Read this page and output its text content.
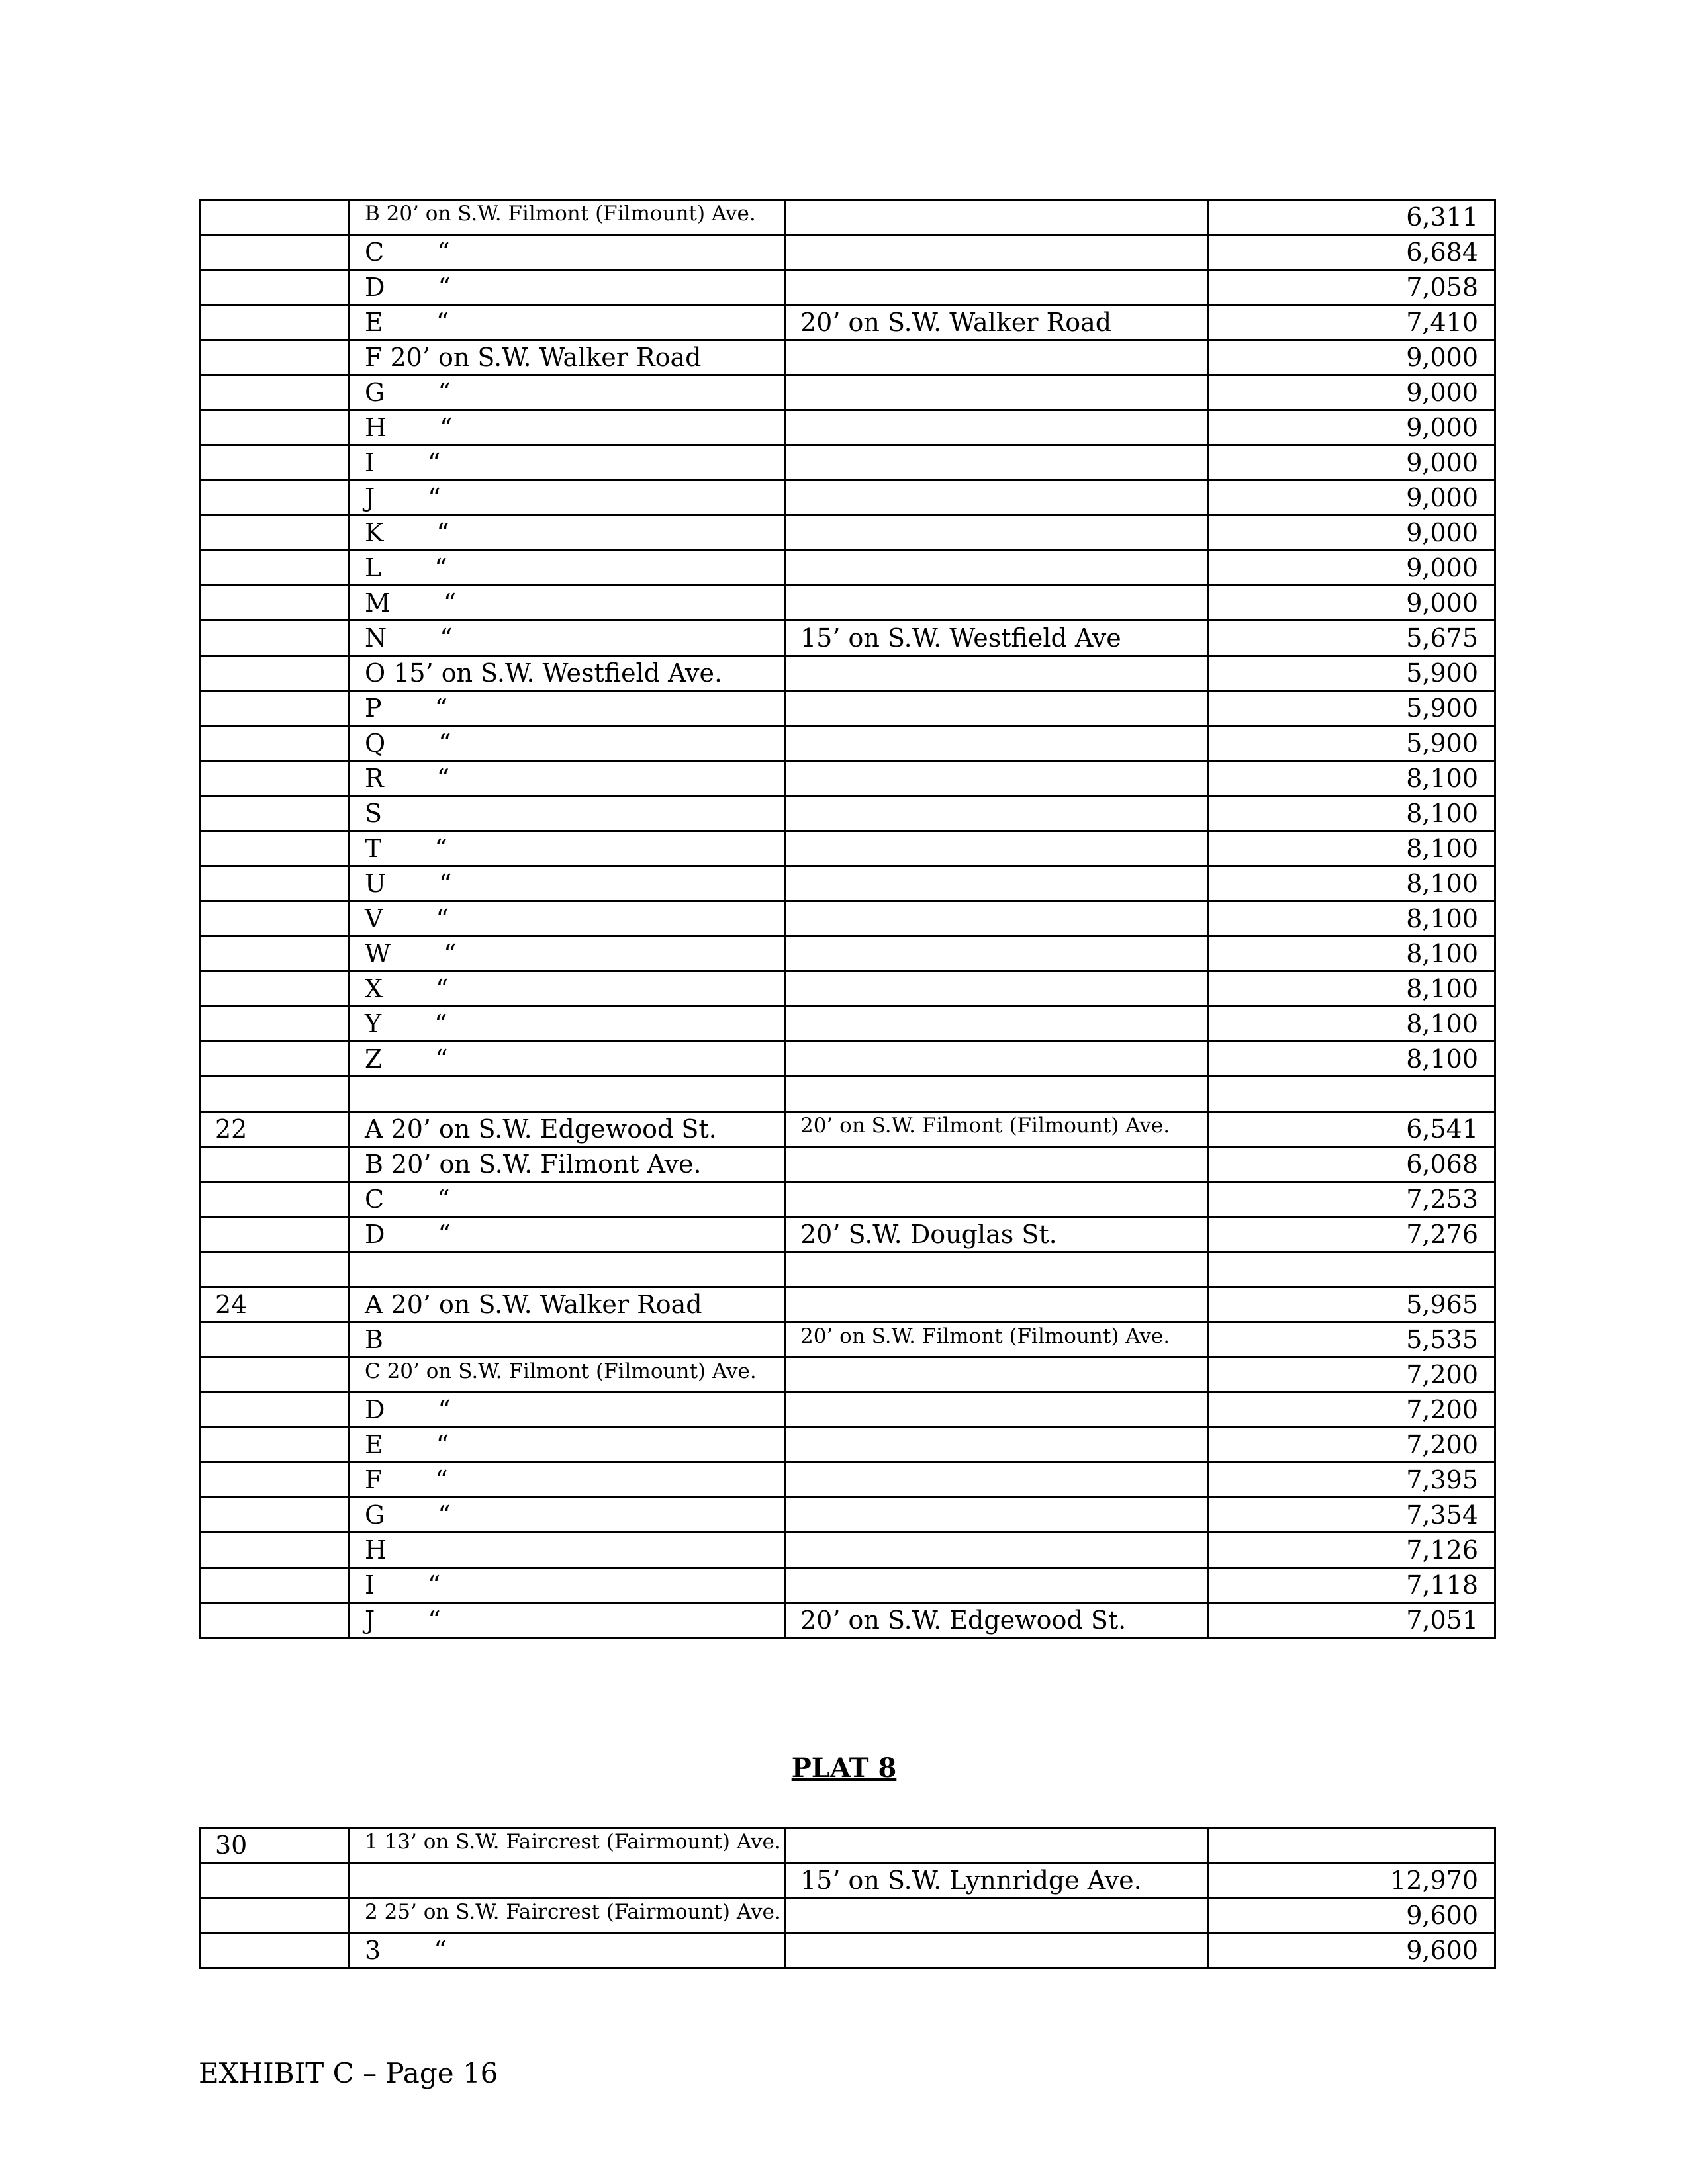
	B 20’ on S.W. Filmont (Filmount) Ave.		6,311
	C “		6,684
	D “		7,058
	E “	20’ on S.W. Walker Road	7,410
	F 20’ on S.W. Walker Road		9,000
	G “		9,000
	H “		9,000
	I “		9,000
	J “		9,000
	K “		9,000
	L “		9,000
	M “		9,000
	N “	15’ on S.W. Westfield Ave	5,675
	O 15’ on S.W. Westfield Ave.		5,900
	P “		5,900
	Q “		5,900
	R “		8,100
	S		8,100
	T “		8,100
	U “		8,100
	V “		8,100
	W “		8,100
	X “		8,100
	Y “		8,100
	Z “		8,100

22	A 20’ on S.W. Edgewood St.	20’ on S.W. Filmont (Filmount) Ave.	6,541
	B 20’ on S.W. Filmont Ave.		6,068
	C “		7,253
	D “	20’ S.W. Douglas St.	7,276

24	A 20’ on S.W. Walker Road		5,965
	B	20’ on S.W. Filmont (Filmount) Ave.	5,535
	C 20’ on S.W. Filmont (Filmount) Ave.		7,200
	D “		7,200
	E “		7,200
	F “		7,395
	G “		7,354
	H		7,126
	I “		7,118
	J “	20’ on S.W. Edgewood St.	7,051
PLAT 8
30	1 13’ on S.W. Faircrest (Fairmount) Ave.		
		15’ on S.W. Lynnridge Ave.	12,970
	2 25’ on S.W. Faircrest (Fairmount) Ave.		9,600
	3 “		9,600

EXHIBIT C – Page 16
